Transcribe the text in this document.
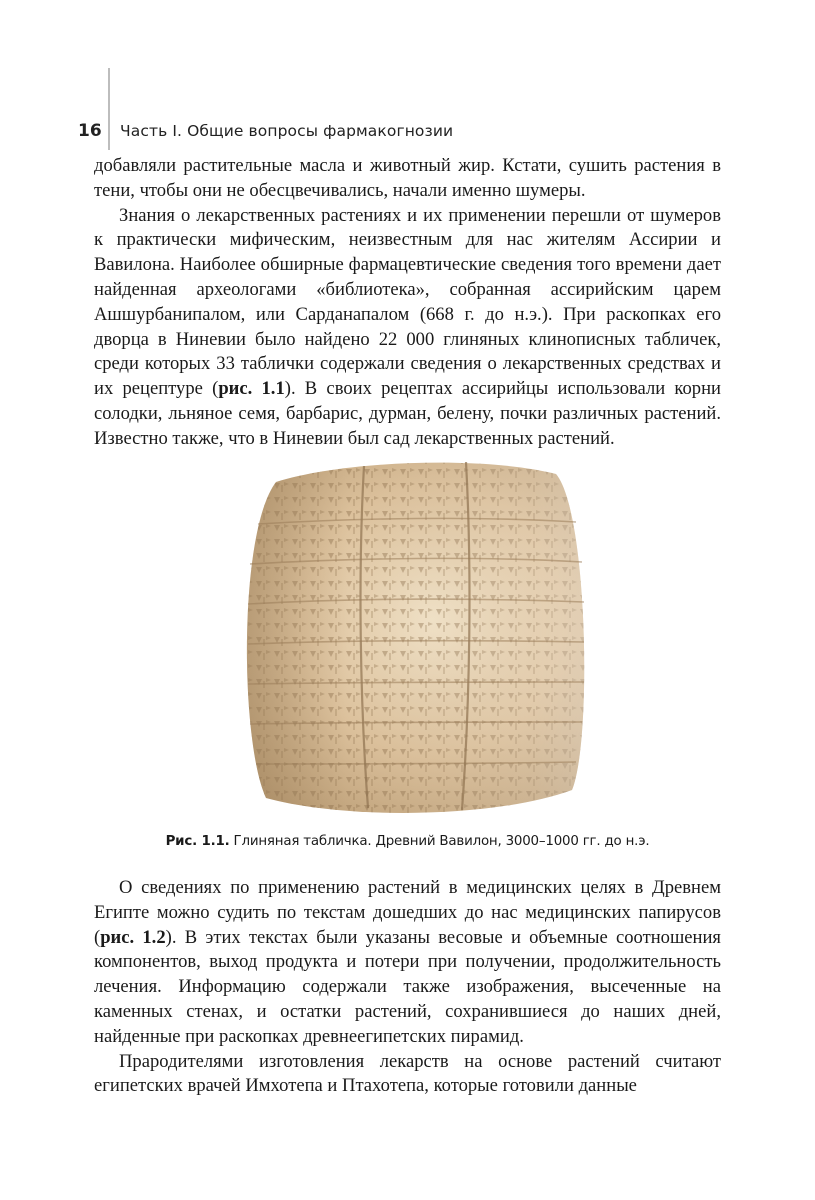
16	Часть I. Общие вопросы фармакогнозии

добавляли растительные масла и животный жир. Кстати, сушить растения в тени, чтобы они не обесцвечивались, начали именно шумеры.

Знания о лекарственных растениях и их применении перешли от шумеров к практически мифическим, неизвестным для нас жителям Ассирии и Вавилона. Наиболее обширные фармацевтические сведения того времени дает найденная археологами «библиотека», собранная ассирийским царем Ашшурбанипалом, или Сарданапалом (668 г. до н.э.). При раскопках его дворца в Ниневии было найдено 22 000 глиняных клинописных табличек, среди которых 33 таблички содержали сведения о лекарственных средствах и их рецептуре (рис. 1.1). В своих рецептах ассирийцы использовали корни солодки, льняное семя, барбарис, дурман, белену, почки различных растений. Известно также, что в Ниневии был сад лекарственных растений.

Рис. 1.1. Глиняная табличка. Древний Вавилон, 3000–1000 гг. до н.э.

О сведениях по применению растений в медицинских целях в Древнем Египте можно судить по текстам дошедших до нас медицинских папирусов (рис. 1.2). В этих текстах были указаны весовые и объемные соотношения компонентов, выход продукта и потери при получении, продолжительность лечения. Информацию содержали также изображения, высеченные на каменных стенах, и остатки растений, сохранившиеся до наших дней, найденные при раскопках древнеегипетских пирамид.

Прародителями изготовления лекарств на основе растений считают египетских врачей Имхотепа и Птахотепа, которые готовили данные
